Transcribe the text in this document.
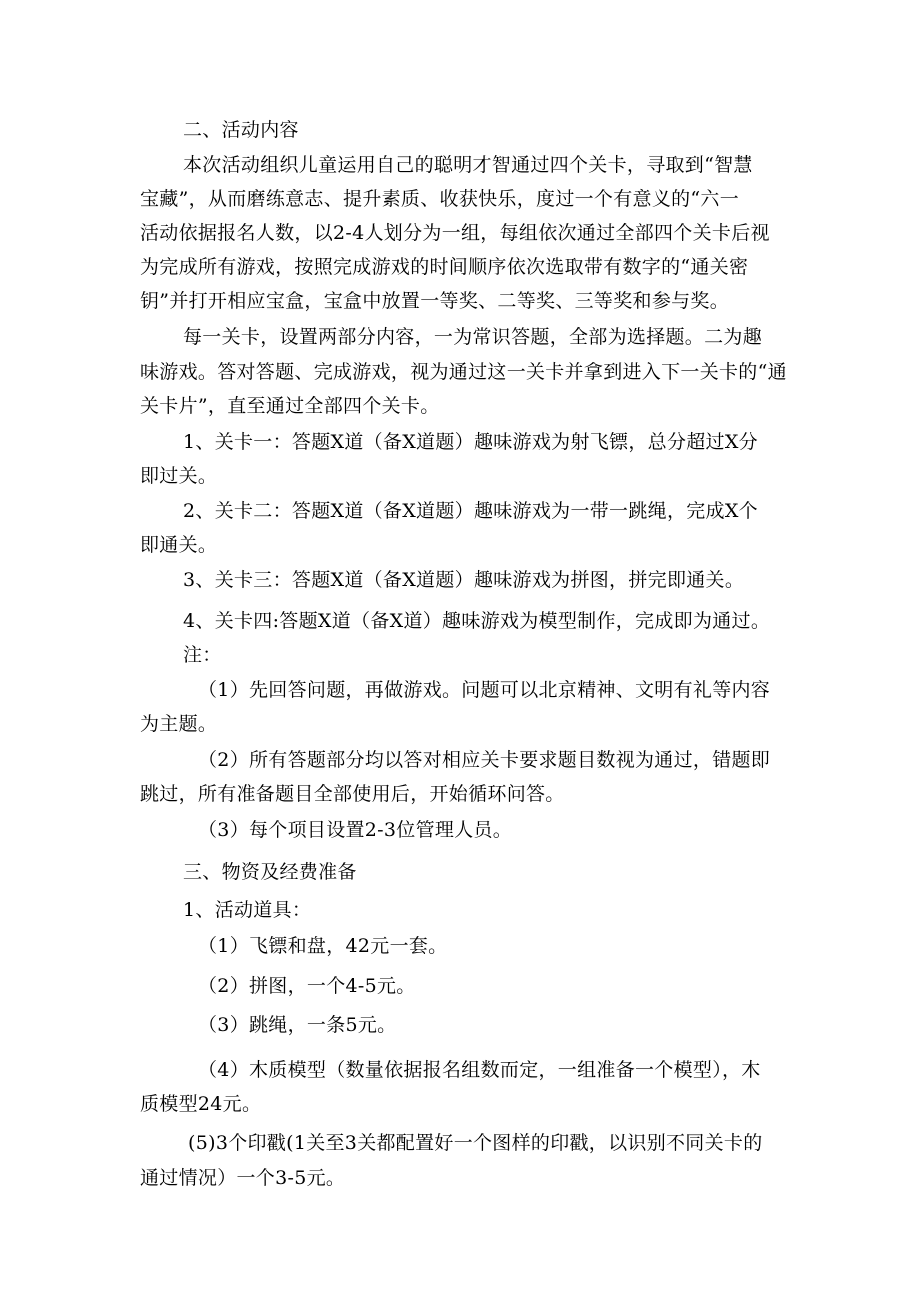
二、活动内容
本次活动组织儿童运用自己的聪明才智通过四个关卡，寻取到“智慧
宝藏”，从而磨练意志、提升素质、收获快乐，度过一个有意义的“六一
活动依据报名人数，以2-4人划分为一组，每组依次通过全部四个关卡后视
为完成所有游戏，按照完成游戏的时间顺序依次选取带有数字的“通关密
钥”并打开相应宝盒，宝盒中放置一等奖、二等奖、三等奖和参与奖。
每一关卡，设置两部分内容，一为常识答题，全部为选择题。二为趣
味游戏。答对答题、完成游戏，视为通过这一关卡并拿到进入下一关卡的“通
关卡片”，直至通过全部四个关卡。
1、关卡一：答题X道（备X道题）趣味游戏为射飞镖，总分超过X分
即过关。
2、关卡二：答题X道（备X道题）趣味游戏为一带一跳绳，完成X个
即通关。
3、关卡三：答题X道（备X道题）趣味游戏为拼图，拼完即通关。
4、关卡四:答题X道（备X道）趣味游戏为模型制作，完成即为通过。
注：
（1）先回答问题，再做游戏。问题可以北京精神、文明有礼等内容
为主题。
（2）所有答题部分均以答对相应关卡要求题目数视为通过，错题即
跳过，所有准备题目全部使用后，开始循环问答。
（3）每个项目设置2-3位管理人员。
三、物资及经费准备
1、活动道具：
（1）飞镖和盘，42元一套。
（2）拼图，一个4-5元。
（3）跳绳，一条5元。
（4）木质模型（数量依据报名组数而定，一组准备一个模型），木
质模型24元。
(5)3个印戳(1关至3关都配置好一个图样的印戳，以识别不同关卡的
通过情况）一个3-5元。
